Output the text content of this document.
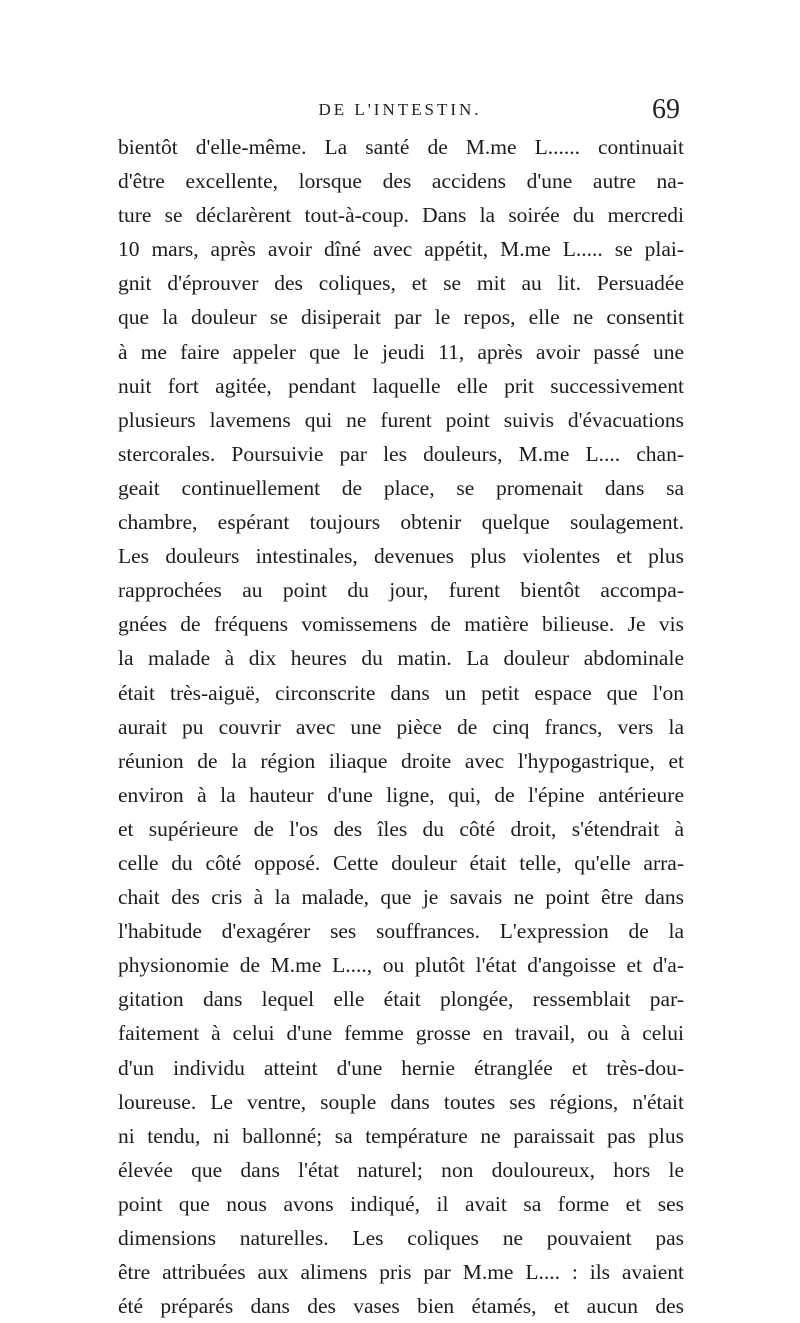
DE L'INTESTIN.	69
bientôt d'elle-même. La santé de M.me L...... continuait
d'être excellente, lorsque des accidens d'une autre na-
ture se déclarèrent tout-à-coup. Dans la soirée du mercredi
10 mars, après avoir dîné avec appétit, M.me L..... se plai-
gnit d'éprouver des coliques, et se mit au lit. Persuadée
que la douleur se disiperait par le repos, elle ne consentit
à me faire appeler que le jeudi 11, après avoir passé une
nuit fort agitée, pendant laquelle elle prit successivement
plusieurs lavemens qui ne furent point suivis d'évacuations
stercorales. Poursuivie par les douleurs, M.me L.... chan-
geait continuellement de place, se promenait dans sa
chambre, espérant toujours obtenir quelque soulagement.
Les douleurs intestinales, devenues plus violentes et plus
rapprochées au point du jour, furent bientôt accompa-
gnées de fréquens vomissemens de matière bilieuse. Je vis
la malade à dix heures du matin. La douleur abdominale
était très-aiguë, circonscrite dans un petit espace que l'on
aurait pu couvrir avec une pièce de cinq francs, vers la
réunion de la région iliaque droite avec l'hypogastrique, et
environ à la hauteur d'une ligne, qui, de l'épine antérieure
et supérieure de l'os des îles du côté droit, s'étendrait à
celle du côté opposé. Cette douleur était telle, qu'elle arra-
chait des cris à la malade, que je savais ne point être dans
l'habitude d'exagérer ses souffrances. L'expression de la
physionomie de M.me L...., ou plutôt l'état d'angoisse et d'a-
gitation dans lequel elle était plongée, ressemblait par-
faitement à celui d'une femme grosse en travail, ou à celui
d'un individu atteint d'une hernie étranglée et très-dou-
loureuse. Le ventre, souple dans toutes ses régions, n'était
ni tendu, ni ballonné; sa température ne paraissait pas plus
élevée que dans l'état naturel; non douloureux, hors le
point que nous avons indiqué, il avait sa forme et ses
dimensions naturelles. Les coliques ne pouvaient pas
être attribuées aux alimens pris par M.me L.... : ils avaient
été préparés dans des vases bien étamés, et aucun des
